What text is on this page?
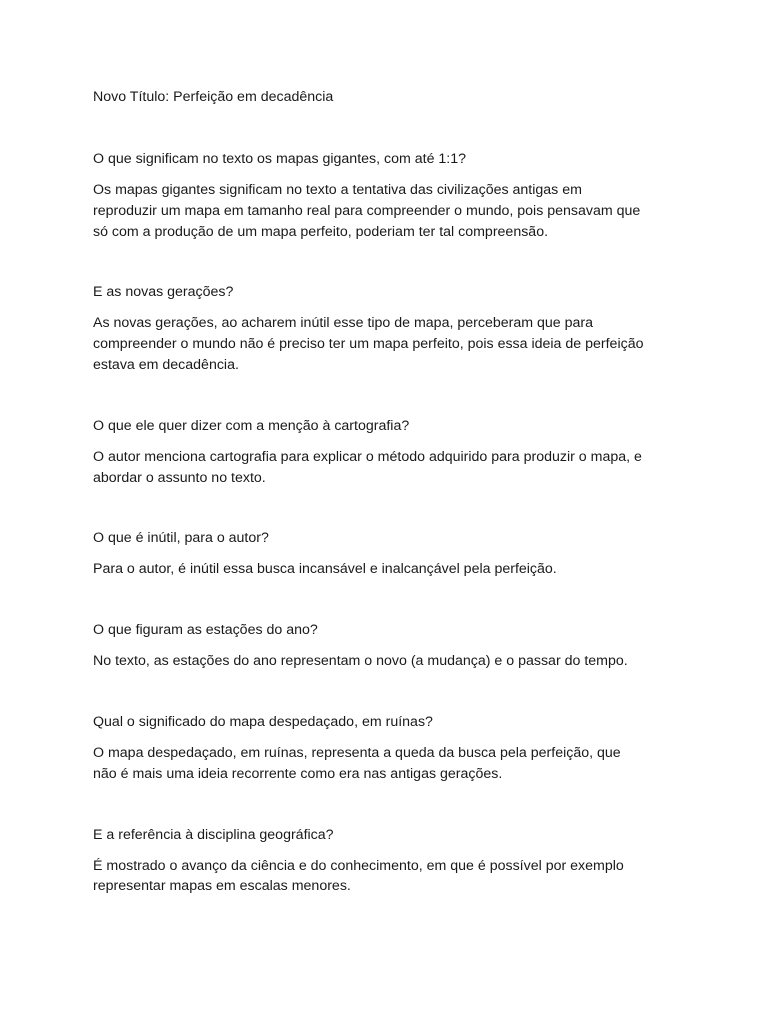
Novo Título: Perfeição em decadência

O que significam no texto os mapas gigantes, com até 1:1?

Os mapas gigantes significam no texto a tentativa das civilizações antigas em
reproduzir um mapa em tamanho real para compreender o mundo, pois pensavam que
só com a produção de um mapa perfeito, poderiam ter tal compreensão.

E as novas gerações?

As novas gerações, ao acharem inútil esse tipo de mapa, perceberam que para
compreender o mundo não é preciso ter um mapa perfeito, pois essa ideia de perfeição
estava em decadência.

O que ele quer dizer com a menção à cartografia?

O autor menciona cartografia para explicar o método adquirido para produzir o mapa, e
abordar o assunto no texto.

O que é inútil, para o autor?

Para o autor, é inútil essa busca incansável e inalcançável pela perfeição.

O que figuram as estações do ano?

No texto, as estações do ano representam o novo (a mudança) e o passar do tempo.

Qual o significado do mapa despedaçado, em ruínas?

O mapa despedaçado, em ruínas, representa a queda da busca pela perfeição, que
não é mais uma ideia recorrente como era nas antigas gerações.

E a referência à disciplina geográfica?

É mostrado o avanço da ciência e do conhecimento, em que é possível por exemplo
representar mapas em escalas menores.
